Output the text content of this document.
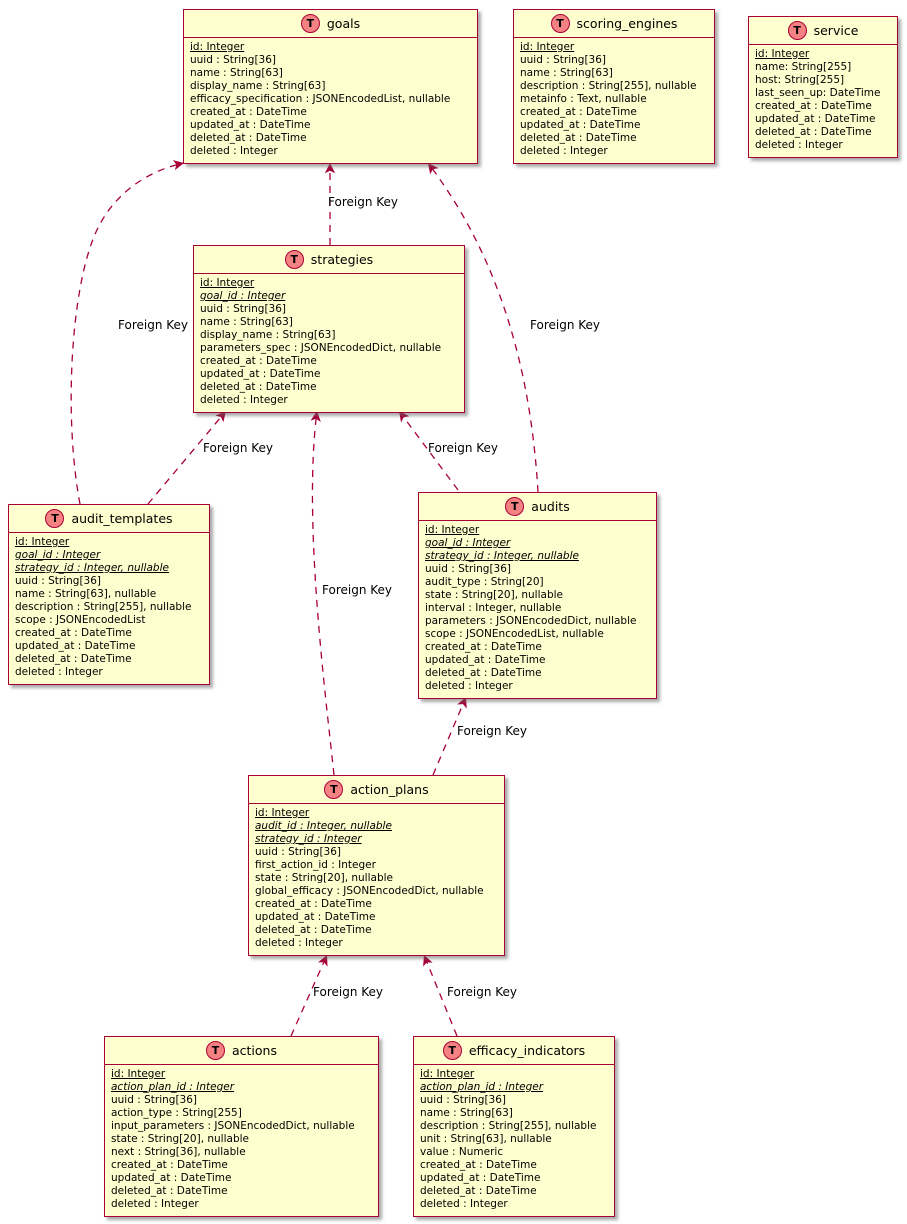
Foreign Key
Foreign Key
Foreign Key
Foreign Key	Foreign Key
Foreign Key
Foreign Key
Foreign Key	Foreign Key
T	goals
id: Integer
uuid : String[36]
name : String[63]
display_name : String[63]
efficacy_specification : JSONEncodedList, nullable
created_at : DateTime
updated_at : DateTime
deleted_at : DateTime
deleted : Integer
T	scoring_engines
id: Integer
uuid : String[36]
name : String[63]
description : String[255], nullable
metainfo : Text, nullable
created_at : DateTime
updated_at : DateTime
deleted_at : DateTime
deleted : Integer
T	service
id: Integer
name: String[255]
host: String[255]
last_seen_up: DateTime
created_at : DateTime
updated_at : DateTime
deleted_at : DateTime
deleted : Integer
T	strategies
id: Integer
goal_id : Integer
uuid : String[36]
name : String[63]
display_name : String[63]
parameters_spec : JSONEncodedDict, nullable
created_at : DateTime
updated_at : DateTime
deleted_at : DateTime
deleted : Integer
T	audit_templates
id: Integer
goal_id : Integer
strategy_id : Integer, nullable
uuid : String[36]
name : String[63], nullable
description : String[255], nullable
scope : JSONEncodedList
created_at : DateTime
updated_at : DateTime
deleted_at : DateTime
deleted : Integer
T	audits
id: Integer
goal_id : Integer
strategy_id : Integer, nullable
uuid : String[36]
audit_type : String[20]
state : String[20], nullable
interval : Integer, nullable
parameters : JSONEncodedDict, nullable
scope : JSONEncodedList, nullable
created_at : DateTime
updated_at : DateTime
deleted_at : DateTime
deleted : Integer
T	action_plans
id: Integer
audit_id : Integer, nullable
strategy_id : Integer
uuid : String[36]
first_action_id : Integer
state : String[20], nullable
global_efficacy : JSONEncodedDict, nullable
created_at : DateTime
updated_at : DateTime
deleted_at : DateTime
deleted : Integer
T	actions
id: Integer
action_plan_id : Integer
uuid : String[36]
action_type : String[255]
input_parameters : JSONEncodedDict, nullable
state : String[20], nullable
next : String[36], nullable
created_at : DateTime
updated_at : DateTime
deleted_at : DateTime
deleted : Integer
T	efficacy_indicators
id: Integer
action_plan_id : Integer
uuid : String[36]
name : String[63]
description : String[255], nullable
unit : String[63], nullable
value : Numeric
created_at : DateTime
updated_at : DateTime
deleted_at : DateTime
deleted : Integer
